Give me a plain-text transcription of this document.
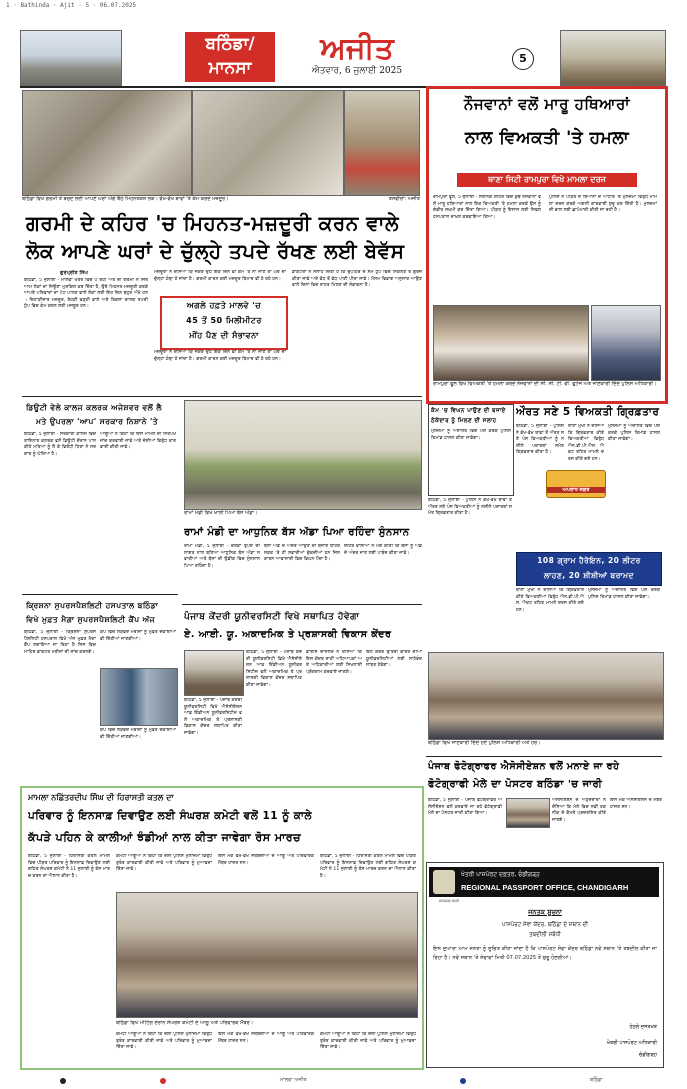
1 · Bathinda · Ajit · 5 · 06.07.2025
ਬਠਿੰਡਾ/
ਮਾਨਸਾ
ਅਜੀਤ
ਐਤਵਾਰ, 6 ਜੁਲਾਈ 2025
5
ਬਠਿੰਡਾ ਵਿਖੇ ਗਰਮੀ ਤੋਂ ਬਚਣ ਲਈ ਆਪਣੇ ਘਰਾਂ ਅੱਗੇ ਬੈਠੇ ਮਿਹਨਤਕਸ਼ ਲੋਕ। ਵੱਖ-ਵੱਖ ਥਾਵਾਂ 'ਤੇ ਕੰਮ ਕਰਦੇ ਮਜ਼ਦੂਰ।	ਤਸਵੀਰਾਂ: ਅਜੀਤ
ਗਰਮੀ ਦੇ ਕਹਿਰ 'ਚ ਮਿਹਨਤ-ਮਜ਼ਦੂਰੀ ਕਰਨ ਵਾਲੇ
ਲੋਕ ਆਪਣੇ ਘਰਾਂ ਦੇ ਚੁੱਲ੍ਹੇ ਤਪਦੇ ਰੱਖਣ ਲਈ ਬੇਵੱਸ
ਗੁਰਪ੍ਰੀਤ ਸਿੰਘ
ਬਠਿੰਡਾ, 5 ਜੁਲਾਈ - ਮਾਲਵਾ ਖੇਤਰ ਵਿਚ ਪੈ ਰਹੀ ਅੱਤ ਦੀ ਗਰਮੀ ਨੇ ਜਿਥੇ ਆਮ ਲੋਕਾਂ ਦਾ ਜਿਊਣਾ ਮੁਸ਼ਕਿਲ ਕਰ ਦਿੱਤਾ ਹੈ, ਉਥੇ ਮਿਹਨਤ-ਮਜ਼ਦੂਰੀ ਕਰਕੇ ਆਪਣੇ ਪਰਿਵਾਰਾਂ ਦਾ ਪੇਟ ਪਾਲਣ ਵਾਲੇ ਲੋਕਾਂ ਲਈ ਇਹ ਦਿਨ ਬਹੁਤ ਔਖੇ ਹਨ। ਦਿਹਾੜੀਦਾਰ ਮਜ਼ਦੂਰ, ਰੇਹੜੀ ਫੜ੍ਹੀ ਵਾਲੇ ਅਤੇ ਰਿਕਸ਼ਾ ਚਾਲਕ ਤਪਦੀ ਧੁੱਪ ਵਿਚ ਕੰਮ ਕਰਨ ਲਈ ਮਜਬੂਰ ਹਨ।
ਮਜ਼ਦੂਰਾਂ ਨੇ ਦੱਸਿਆ ਕਿ ਜੇਕਰ ਉਹ ਇਕ ਦਿਨ ਵੀ ਕੰਮ 'ਤੇ ਨਾ ਜਾਣ ਤਾਂ ਘਰ ਦਾ ਚੁੱਲ੍ਹਾ ਠੰਢਾ ਹੋ ਜਾਂਦਾ ਹੈ। ਗਰਮੀ ਕਾਰਨ ਕਈ ਮਜ਼ਦੂਰ ਬਿਮਾਰ ਵੀ ਹੋ ਰਹੇ ਹਨ।
ਅਗਲੇ ਹਫ਼ਤੇ ਮਾਲਵੇ 'ਚ
45 ਤੋਂ 50 ਮਿਲੀਮੀਟਰ
ਮੀਂਹ ਪੈਣ ਦੀ ਸੰਭਾਵਨਾ
ਮਜ਼ਦੂਰਾਂ ਨੇ ਦੱਸਿਆ ਕਿ ਜੇਕਰ ਉਹ ਇਕ ਦਿਨ ਵੀ ਕੰਮ 'ਤੇ ਨਾ ਜਾਣ ਤਾਂ ਘਰ ਦਾ ਚੁੱਲ੍ਹਾ ਠੰਢਾ ਹੋ ਜਾਂਦਾ ਹੈ। ਗਰਮੀ ਕਾਰਨ ਕਈ ਮਜ਼ਦੂਰ ਬਿਮਾਰ ਵੀ ਹੋ ਰਹੇ ਹਨ।
ਡਾਕਟਰਾਂ ਨੇ ਸਲਾਹ ਦਿੱਤੀ ਹੈ ਕਿ ਦੁਪਹਿਰ ਦੇ ਸਮੇਂ ਧੁੱਪ ਵਿਚ ਨਿਕਲਣ ਤੋਂ ਗੁਰੇਜ਼ ਕੀਤਾ ਜਾਵੇ ਅਤੇ ਵੱਧ ਤੋਂ ਵੱਧ ਪਾਣੀ ਪੀਤਾ ਜਾਵੇ। ਮੌਸਮ ਵਿਭਾਗ ਅਨੁਸਾਰ ਆਉਣ ਵਾਲੇ ਦਿਨਾਂ ਵਿਚ ਰਾਹਤ ਮਿਲਣ ਦੀ ਸੰਭਾਵਨਾ ਹੈ।
ਨੌਜਵਾਨਾਂ ਵਲੋਂ ਮਾਰੂ ਹਥਿਆਰਾਂ
ਨਾਲ ਵਿਅਕਤੀ 'ਤੇ ਹਮਲਾ
ਥਾਣਾ ਸਿਟੀ ਰਾਮਪੁਰਾ ਵਿਖੇ ਮਾਮਲਾ ਦਰਜ
ਰਾਮਪੁਰਾ ਫੂਲ, 5 ਜੁਲਾਈ - ਸਥਾਨਕ ਸ਼ਹਿਰ ਵਿਚ ਕੁਝ ਨੌਜਵਾਨਾਂ ਵਲੋਂ ਮਾਰੂ ਹਥਿਆਰਾਂ ਨਾਲ ਇਕ ਵਿਅਕਤੀ 'ਤੇ ਹਮਲਾ ਕਰਕੇ ਉਸ ਨੂੰ ਗੰਭੀਰ ਜ਼ਖ਼ਮੀ ਕਰ ਦਿੱਤਾ ਗਿਆ। ਪੀੜਤ ਨੂੰ ਇਲਾਜ ਲਈ ਸਿਵਲ ਹਸਪਤਾਲ ਦਾਖ਼ਲ ਕਰਵਾਇਆ ਗਿਆ।
ਪੁਲਿਸ ਨੇ ਪੀੜਤ ਦੇ ਬਿਆਨਾਂ ਦੇ ਆਧਾਰ 'ਤੇ ਮੁਲਜ਼ਮਾਂ ਵਿਰੁੱਧ ਮਾਮਲਾ ਦਰਜ ਕਰਕੇ ਅਗਲੀ ਕਾਰਵਾਈ ਸ਼ੁਰੂ ਕਰ ਦਿੱਤੀ ਹੈ। ਮੁਲਜ਼ਮਾਂ ਦੀ ਭਾਲ ਲਈ ਛਾਪੇਮਾਰੀ ਕੀਤੀ ਜਾ ਰਹੀ ਹੈ।
ਰਾਮਪੁਰਾ ਫੂਲ ਵਿਖੇ ਵਿਅਕਤੀ 'ਤੇ ਹਮਲਾ ਕਰਦੇ ਨੌਜਵਾਨਾਂ ਦੀ ਸੀ. ਸੀ. ਟੀ. ਵੀ. ਫੁਟੇਜ ਅਤੇ ਜਾਣਕਾਰੀ ਦਿੰਦੇ ਪੁਲਿਸ ਅਧਿਕਾਰੀ।
ਡਿਊਟੀ ਵੇਲੇ ਕਾਲਜ ਕਲਰਕ ਅਜੇਸ਼ਵਰ ਵਲੋਂ ਲੈ
ਮਤੇ ਉਪਰਲਾ 'ਆਪ' ਸਰਕਾਰ ਨਿਸ਼ਾਨੇ 'ਤੇ
ਬਠਿੰਡਾ, 5 ਜੁਲਾਈ - ਸਰਕਾਰੀ ਕਾਲਜ ਵਿਚ ਤਾਇਨਾਤ ਕਲਰਕ ਵਲੋਂ ਡਿਊਟੀ ਦੌਰਾਨ ਪਾਸ ਕੀਤੇ ਮਤਿਆਂ ਨੂੰ ਲੈ ਕੇ ਵਿਰੋਧੀ ਧਿਰਾਂ ਨੇ ਸਰਕਾਰ ਨੂੰ ਘੇਰਿਆ ਹੈ।
ਆਗੂਆਂ ਨੇ ਕਿਹਾ ਕਿ ਇਸ ਮਾਮਲੇ ਦੀ ਨਿਰਪੱਖ ਜਾਂਚ ਕਰਵਾਈ ਜਾਵੇ ਅਤੇ ਦੋਸ਼ੀਆਂ ਵਿਰੁੱਧ ਕਾਰਵਾਈ ਕੀਤੀ ਜਾਵੇ।
ਰਾਮਾਂ ਮੰਡੀ ਵਿਖੇ ਖ਼ਾਲੀ ਪਿਆ ਬੱਸ ਅੱਡਾ।
ਰਾਮਾਂ ਮੰਡੀ ਦਾ ਆਧੁਨਿਕ ਬੱਸ ਅੱਡਾ ਪਿਆ ਰਹਿੰਦਾ ਸੁੰਨਸਾਨ
ਰਾਮਾਂ ਮੰਡੀ, 5 ਜੁਲਾਈ - ਕਰੋੜਾਂ ਰੁਪਏ ਦੀ ਲਾਗਤ ਨਾਲ ਬਣਿਆ ਆਧੁਨਿਕ ਬੱਸ ਅੱਡਾ ਸਵਾਰੀਆਂ ਅਤੇ ਬੱਸਾਂ ਦੀ ਉਡੀਕ ਵਿਚ ਸੁੰਨਸਾਨ ਪਿਆ ਰਹਿੰਦਾ ਹੈ।
ਬੱਸਾਂ ਅੱਡੇ ਦੇ ਅੰਦਰ ਆਉਣ ਦੀ ਬਜਾਏ ਬਾਹਰ ਸੜਕ 'ਤੇ ਹੀ ਸਵਾਰੀਆਂ ਚੁੱਕਦੀਆਂ ਹਨ ਜਿਸ ਕਾਰਨ ਆਵਾਜਾਈ ਵਿਚ ਵਿਘਨ ਪੈਂਦਾ ਹੈ।
ਸ਼ਹਿਰ ਵਾਸੀਆਂ ਨੇ ਮੰਗ ਕੀਤੀ ਕਿ ਬੱਸਾਂ ਨੂੰ ਅੱਡੇ ਦੇ ਅੰਦਰ ਜਾਣ ਲਈ ਪਾਬੰਦ ਕੀਤਾ ਜਾਵੇ।
ਕ੍ਰਿਸ਼ਨਾ ਸੁਪਰਸਪੈਸ਼ਲਿਟੀ ਹਸਪਤਾਲ ਬਠਿੰਡਾ
ਵਿਖੇ ਮੁਫ਼ਤ ਮੈਗਾ ਸੁਪਰਸਪੈਸ਼ਲਿਟੀ ਕੈਂਪ ਅੱਜ
ਬਠਿੰਡਾ, 5 ਜੁਲਾਈ - ਕ੍ਰਿਸ਼ਨਾ ਸੁਪਰਸਪੈਸ਼ਲਿਟੀ ਹਸਪਤਾਲ ਵਿਖੇ ਅੱਜ ਮੁਫ਼ਤ ਮੈਗਾ ਕੈਂਪ ਲਗਾਇਆ ਜਾ ਰਿਹਾ ਹੈ ਜਿਸ ਵਿਚ ਮਾਹਿਰ ਡਾਕਟਰ ਮਰੀਜ਼ਾਂ ਦੀ ਜਾਂਚ ਕਰਨਗੇ।
ਕੈਂਪ ਵਿਚ ਲੋੜਵੰਦ ਮਰੀਜ਼ਾਂ ਨੂੰ ਮੁਫ਼ਤ ਦਵਾਈਆਂ ਵੀ ਦਿੱਤੀਆਂ ਜਾਣਗੀਆਂ।
ਕੈਂਪ ਵਿਚ ਲੋੜਵੰਦ ਮਰੀਜ਼ਾਂ ਨੂੰ ਮੁਫ਼ਤ ਦਵਾਈਆਂ ਵੀ ਦਿੱਤੀਆਂ ਜਾਣਗੀਆਂ।
ਪੰਜਾਬ ਕੇਂਦਰੀ ਯੂਨੀਵਰਸਿਟੀ ਵਿਖੇ ਸਥਾਪਿਤ ਹੋਵੇਗਾ
ਏ. ਆਈ. ਯੂ. ਅਕਾਦਮਿਕ ਤੇ ਪ੍ਰਸ਼ਾਸਕੀ ਵਿਕਾਸ ਕੇਂਦਰ
ਬਠਿੰਡਾ, 5 ਜੁਲਾਈ - ਪੰਜਾਬ ਕੇਂਦਰੀ ਯੂਨੀਵਰਸਿਟੀ ਵਿਖੇ ਐਸੋਸੀਏਸ਼ਨ ਆਫ਼ ਇੰਡੀਅਨ ਯੂਨੀਵਰਸਿਟੀਜ਼ ਵਲੋਂ ਅਕਾਦਮਿਕ ਤੇ ਪ੍ਰਸ਼ਾਸਕੀ ਵਿਕਾਸ ਕੇਂਦਰ ਸਥਾਪਿਤ ਕੀਤਾ ਜਾਵੇਗਾ।
ਵਾਈਸ ਚਾਂਸਲਰ ਨੇ ਦੱਸਿਆ ਕਿ ਇਸ ਕੇਂਦਰ ਰਾਹੀਂ ਅਧਿਆਪਕਾਂ ਅਤੇ ਅਧਿਕਾਰੀਆਂ ਲਈ ਸਿਖਲਾਈ ਪ੍ਰੋਗਰਾਮ ਕਰਵਾਏ ਜਾਣਗੇ।
ਇਹ ਕੇਂਦਰ ਉੱਤਰੀ ਭਾਰਤ ਦੀਆਂ ਯੂਨੀਵਰਸਿਟੀਆਂ ਲਈ ਲਾਹੇਵੰਦ ਸਾਬਤ ਹੋਵੇਗਾ।
ਬਠਿੰਡਾ, 5 ਜੁਲਾਈ - ਪੰਜਾਬ ਕੇਂਦਰੀ ਯੂਨੀਵਰਸਿਟੀ ਵਿਖੇ ਐਸੋਸੀਏਸ਼ਨ ਆਫ਼ ਇੰਡੀਅਨ ਯੂਨੀਵਰਸਿਟੀਜ਼ ਵਲੋਂ ਅਕਾਦਮਿਕ ਤੇ ਪ੍ਰਸ਼ਾਸਕੀ ਵਿਕਾਸ ਕੇਂਦਰ ਸਥਾਪਿਤ ਕੀਤਾ ਜਾਵੇਗਾ।
ਕੰਮ 'ਚ ਵਿਘਨ ਪਾਉਣ ਦੀ ਬਜਾਏ
ਠੇਕੇਦਾਰ ਨੂੰ ਮਿਲਣ ਦੀ ਸਲਾਹ
ਮੁਲਜ਼ਮਾਂ ਨੂੰ ਅਦਾਲਤ ਵਿਚ ਪੇਸ਼ ਕਰਕੇ ਪੁਲਿਸ ਰਿਮਾਂਡ ਹਾਸਲ ਕੀਤਾ ਜਾਵੇਗਾ।
ਔਰਤ ਸਣੇ 5 ਵਿਅਕਤੀ ਗ੍ਰਿਫ਼ਤਾਰ
ਬਠਿੰਡਾ, 5 ਜੁਲਾਈ - ਪੁਲਿਸ ਨੇ ਵੱਖ-ਵੱਖ ਥਾਵਾਂ ਤੋਂ ਔਰਤ ਸਣੇ ਪੰਜ ਵਿਅਕਤੀਆਂ ਨੂੰ ਨਸ਼ੀਲੇ ਪਦਾਰਥਾਂ ਸਮੇਤ ਗ੍ਰਿਫ਼ਤਾਰ ਕੀਤਾ ਹੈ।
ਥਾਣਾ ਮੁਖੀ ਨੇ ਦੱਸਿਆ ਕਿ ਗ੍ਰਿਫ਼ਤਾਰ ਕੀਤੇ ਵਿਅਕਤੀਆਂ ਵਿਰੁੱਧ ਐਨ.ਡੀ.ਪੀ.ਐਸ. ਐਕਟ ਤਹਿਤ ਮਾਮਲੇ ਦਰਜ ਕੀਤੇ ਗਏ ਹਨ।
ਅਪਰਾਧ ਜਗਤ
ਮੁਲਜ਼ਮਾਂ ਨੂੰ ਅਦਾਲਤ ਵਿਚ ਪੇਸ਼ ਕਰਕੇ ਪੁਲਿਸ ਰਿਮਾਂਡ ਹਾਸਲ ਕੀਤਾ ਜਾਵੇਗਾ।
108 ਗ੍ਰਾਮ ਹੈਰੋਇਨ, 20 ਲੀਟਰ
ਲਾਹਣ, 20 ਸ਼ੀਸ਼ੀਆਂ ਬਰਾਮਦ
ਬਠਿੰਡਾ, 5 ਜੁਲਾਈ - ਪੁਲਿਸ ਨੇ ਵੱਖ-ਵੱਖ ਥਾਵਾਂ ਤੋਂ ਔਰਤ ਸਣੇ ਪੰਜ ਵਿਅਕਤੀਆਂ ਨੂੰ ਨਸ਼ੀਲੇ ਪਦਾਰਥਾਂ ਸਮੇਤ ਗ੍ਰਿਫ਼ਤਾਰ ਕੀਤਾ ਹੈ।
ਥਾਣਾ ਮੁਖੀ ਨੇ ਦੱਸਿਆ ਕਿ ਗ੍ਰਿਫ਼ਤਾਰ ਕੀਤੇ ਵਿਅਕਤੀਆਂ ਵਿਰੁੱਧ ਐਨ.ਡੀ.ਪੀ.ਐਸ. ਐਕਟ ਤਹਿਤ ਮਾਮਲੇ ਦਰਜ ਕੀਤੇ ਗਏ ਹਨ।
ਮੁਲਜ਼ਮਾਂ ਨੂੰ ਅਦਾਲਤ ਵਿਚ ਪੇਸ਼ ਕਰਕੇ ਪੁਲਿਸ ਰਿਮਾਂਡ ਹਾਸਲ ਕੀਤਾ ਜਾਵੇਗਾ।
ਬਠਿੰਡਾ ਵਿਖੇ ਜਾਣਕਾਰੀ ਦਿੰਦੇ ਹੋਏ ਪੁਲਿਸ ਅਧਿਕਾਰੀ ਅਤੇ ਹੋਰ।
ਮਾਮਲਾ ਨਛਿੱਤਰਦੀਪ ਸਿੰਘ ਦੀ ਹਿਰਾਸਤੀ ਕਤਲ ਦਾ
ਪਰਿਵਾਰ ਨੂੰ ਇਨਸਾਫ਼ ਦਿਵਾਉਣ ਲਈ ਸੰਘਰਸ਼ ਕਮੇਟੀ ਵਲੋਂ 11 ਨੂੰ ਕਾਲੇ
ਕੱਪੜੇ ਪਹਿਨ ਕੇ ਕਾਲੀਆਂ ਝੰਡੀਆਂ ਨਾਲ ਕੀਤਾ ਜਾਵੇਗਾ ਰੋਸ ਮਾਰਚ
ਬਠਿੰਡਾ, 5 ਜੁਲਾਈ - ਹਿਰਾਸਤੀ ਕਤਲ ਮਾਮਲੇ ਵਿਚ ਪੀੜਤ ਪਰਿਵਾਰ ਨੂੰ ਇਨਸਾਫ਼ ਦਿਵਾਉਣ ਲਈ ਗਠਿਤ ਸੰਘਰਸ਼ ਕਮੇਟੀ ਨੇ 11 ਜੁਲਾਈ ਨੂੰ ਰੋਸ ਮਾਰਚ ਕਰਨ ਦਾ ਐਲਾਨ ਕੀਤਾ ਹੈ।
ਕਮੇਟੀ ਆਗੂਆਂ ਨੇ ਕਿਹਾ ਕਿ ਦੋਸ਼ੀ ਪੁਲਿਸ ਮੁਲਾਜ਼ਮਾਂ ਵਿਰੁੱਧ ਤੁਰੰਤ ਕਾਰਵਾਈ ਕੀਤੀ ਜਾਵੇ ਅਤੇ ਪਰਿਵਾਰ ਨੂੰ ਮੁਆਵਜ਼ਾ ਦਿੱਤਾ ਜਾਵੇ।
ਇਸ ਮੌਕੇ ਵੱਖ-ਵੱਖ ਜਥੇਬੰਦੀਆਂ ਦੇ ਆਗੂ ਅਤੇ ਪਰਿਵਾਰਕ ਮੈਂਬਰ ਹਾਜ਼ਰ ਸਨ।
ਬਠਿੰਡਾ, 5 ਜੁਲਾਈ - ਹਿਰਾਸਤੀ ਕਤਲ ਮਾਮਲੇ ਵਿਚ ਪੀੜਤ ਪਰਿਵਾਰ ਨੂੰ ਇਨਸਾਫ਼ ਦਿਵਾਉਣ ਲਈ ਗਠਿਤ ਸੰਘਰਸ਼ ਕਮੇਟੀ ਨੇ 11 ਜੁਲਾਈ ਨੂੰ ਰੋਸ ਮਾਰਚ ਕਰਨ ਦਾ ਐਲਾਨ ਕੀਤਾ ਹੈ।
ਬਠਿੰਡਾ ਵਿਖੇ ਮੀਟਿੰਗ ਦੌਰਾਨ ਸੰਘਰਸ਼ ਕਮੇਟੀ ਦੇ ਆਗੂ ਅਤੇ ਪਰਿਵਾਰਕ ਮੈਂਬਰ।
ਕਮੇਟੀ ਆਗੂਆਂ ਨੇ ਕਿਹਾ ਕਿ ਦੋਸ਼ੀ ਪੁਲਿਸ ਮੁਲਾਜ਼ਮਾਂ ਵਿਰੁੱਧ ਤੁਰੰਤ ਕਾਰਵਾਈ ਕੀਤੀ ਜਾਵੇ ਅਤੇ ਪਰਿਵਾਰ ਨੂੰ ਮੁਆਵਜ਼ਾ ਦਿੱਤਾ ਜਾਵੇ।
ਇਸ ਮੌਕੇ ਵੱਖ-ਵੱਖ ਜਥੇਬੰਦੀਆਂ ਦੇ ਆਗੂ ਅਤੇ ਪਰਿਵਾਰਕ ਮੈਂਬਰ ਹਾਜ਼ਰ ਸਨ।
ਕਮੇਟੀ ਆਗੂਆਂ ਨੇ ਕਿਹਾ ਕਿ ਦੋਸ਼ੀ ਪੁਲਿਸ ਮੁਲਾਜ਼ਮਾਂ ਵਿਰੁੱਧ ਤੁਰੰਤ ਕਾਰਵਾਈ ਕੀਤੀ ਜਾਵੇ ਅਤੇ ਪਰਿਵਾਰ ਨੂੰ ਮੁਆਵਜ਼ਾ ਦਿੱਤਾ ਜਾਵੇ।
ਪੰਜਾਬ ਫੋਟੋਗ੍ਰਾਫਰ ਐਸੋਸੀਏਸ਼ਨ ਵਲੋਂ ਮਨਾਏ ਜਾ ਰਹੇ
ਫੋਟੋਗ੍ਰਾਫੀ ਮੇਲੇ ਦਾ ਪੋਸਟਰ ਬਠਿੰਡਾ 'ਚ ਜਾਰੀ
ਬਠਿੰਡਾ, 5 ਜੁਲਾਈ - ਪੰਜਾਬ ਫੋਟੋਗ੍ਰਾਫਰ ਐਸੋਸੀਏਸ਼ਨ ਵਲੋਂ ਕਰਵਾਏ ਜਾ ਰਹੇ ਫੋਟੋਗ੍ਰਾਫੀ ਮੇਲੇ ਦਾ ਪੋਸਟਰ ਜਾਰੀ ਕੀਤਾ ਗਿਆ।
ਐਸੋਸੀਏਸ਼ਨ ਦੇ ਅਹੁਦੇਦਾਰਾਂ ਨੇ ਦੱਸਿਆ ਕਿ ਮੇਲੇ ਵਿਚ ਨਵੀਂ ਤਕਨੀਕ ਦੇ ਕੈਮਰੇ ਪ੍ਰਦਰਸ਼ਿਤ ਕੀਤੇ ਜਾਣਗੇ।
ਇਸ ਮੌਕੇ ਐਸੋਸੀਏਸ਼ਨ ਦੇ ਮੈਂਬਰ ਹਾਜ਼ਰ ਸਨ।
ਖੇਤਰੀ ਪਾਸਪੋਰਟ ਦਫ਼ਤਰ, ਚੰਡੀਗੜ੍ਹ
REGIONAL PASSPORT OFFICE, CHANDIGARH
ਸਤਯਮੇਵ ਜਯਤੇ
ਜਨਤਕ ਸੂਚਨਾ
ਪਾਸਪੋਰਟ ਸੇਵਾ ਕੇਂਦਰ, ਬਠਿੰਡਾ ਦੇ ਸਥਾਨ ਦੀ
ਤਬਦੀਲੀ ਸਬੰਧੀ
ਇਸ ਦੁਆਰਾ ਆਮ ਜਨਤਾ ਨੂੰ ਸੂਚਿਤ ਕੀਤਾ ਜਾਂਦਾ ਹੈ ਕਿ ਪਾਸਪੋਰਟ ਸੇਵਾ ਕੇਂਦਰ ਬਠਿੰਡਾ ਨਵੇਂ ਸਥਾਨ 'ਤੇ ਤਬਦੀਲ ਕੀਤਾ ਜਾ ਰਿਹਾ ਹੈ। ਨਵੇਂ ਸਥਾਨ 'ਤੇ ਸੇਵਾਵਾਂ ਮਿਤੀ 07.07.2025 ਤੋਂ ਸ਼ੁਰੂ ਹੋਣਗੀਆਂ।
ਹੇਠਲੇ ਦਸਤਖ਼ਤ
ਖੇਤਰੀ ਪਾਸਪੋਰਟ ਅਧਿਕਾਰੀ
ਚੰਡੀਗੜ੍ਹ
ਮਾਲਵਾ ਅਜੀਤ	ਬਠਿੰਡਾ
